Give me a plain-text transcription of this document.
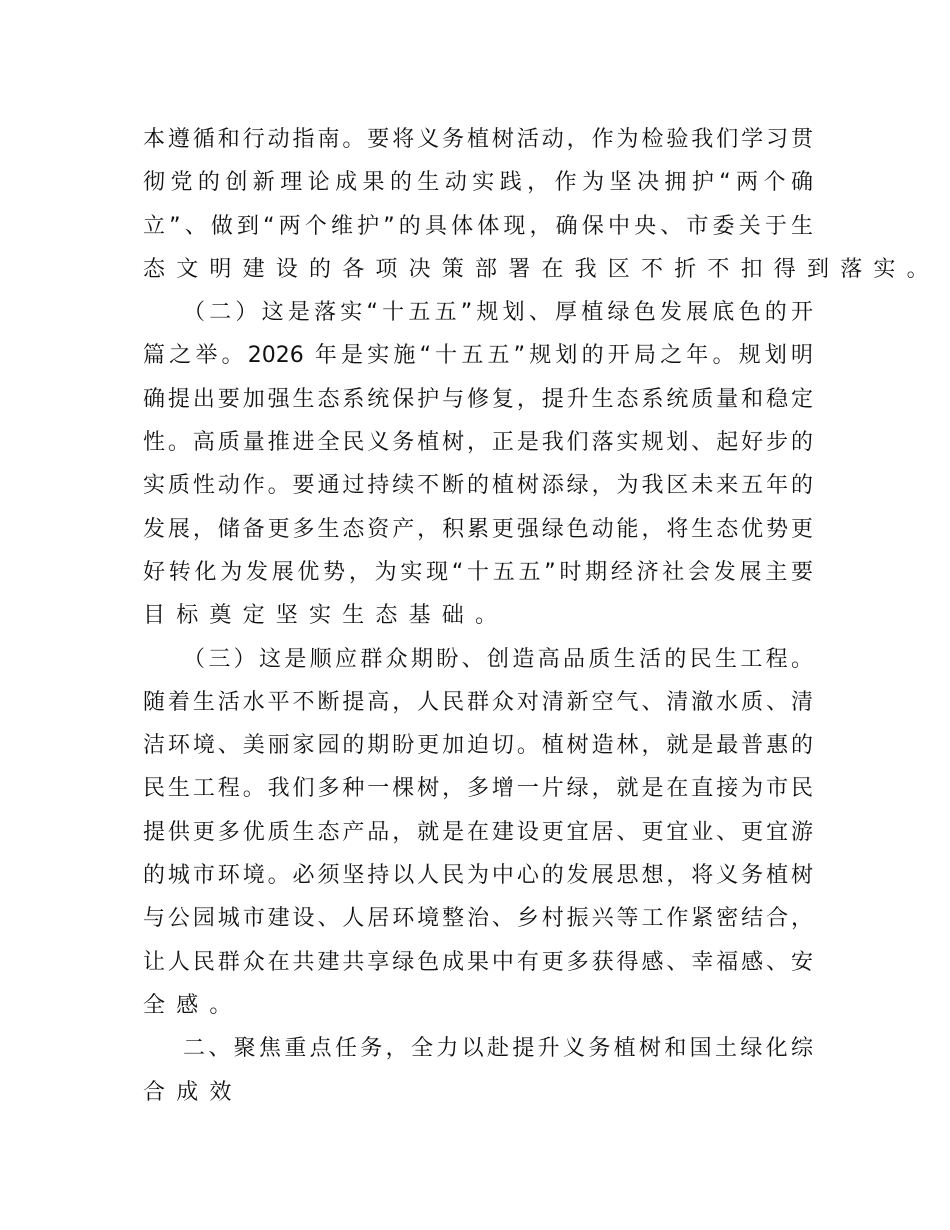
本遵循和行动指南。要将义务植树活动，作为检验我们学习贯
彻党的创新理论成果的生动实践，作为坚决拥护“两个确
立”、做到“两个维护”的具体体现，确保中央、市委关于生
态文明建设的各项决策部署在我区不折不扣得到落实。
（二）这是落实“十五五”规划、厚植绿色发展底色的开
篇之举。2026 年是实施“十五五”规划的开局之年。规划明
确提出要加强生态系统保护与修复，提升生态系统质量和稳定
性。高质量推进全民义务植树，正是我们落实规划、起好步的
实质性动作。要通过持续不断的植树添绿，为我区未来五年的
发展，储备更多生态资产，积累更强绿色动能，将生态优势更
好转化为发展优势，为实现“十五五”时期经济社会发展主要
目标奠定坚实生态基础。
（三）这是顺应群众期盼、创造高品质生活的民生工程。
随着生活水平不断提高，人民群众对清新空气、清澈水质、清
洁环境、美丽家园的期盼更加迫切。植树造林，就是最普惠的
民生工程。我们多种一棵树，多增一片绿，就是在直接为市民
提供更多优质生态产品，就是在建设更宜居、更宜业、更宜游
的城市环境。必须坚持以人民为中心的发展思想，将义务植树
与公园城市建设、人居环境整治、乡村振兴等工作紧密结合，
让人民群众在共建共享绿色成果中有更多获得感、幸福感、安
全感。
二、聚焦重点任务，全力以赴提升义务植树和国土绿化综
合成效
